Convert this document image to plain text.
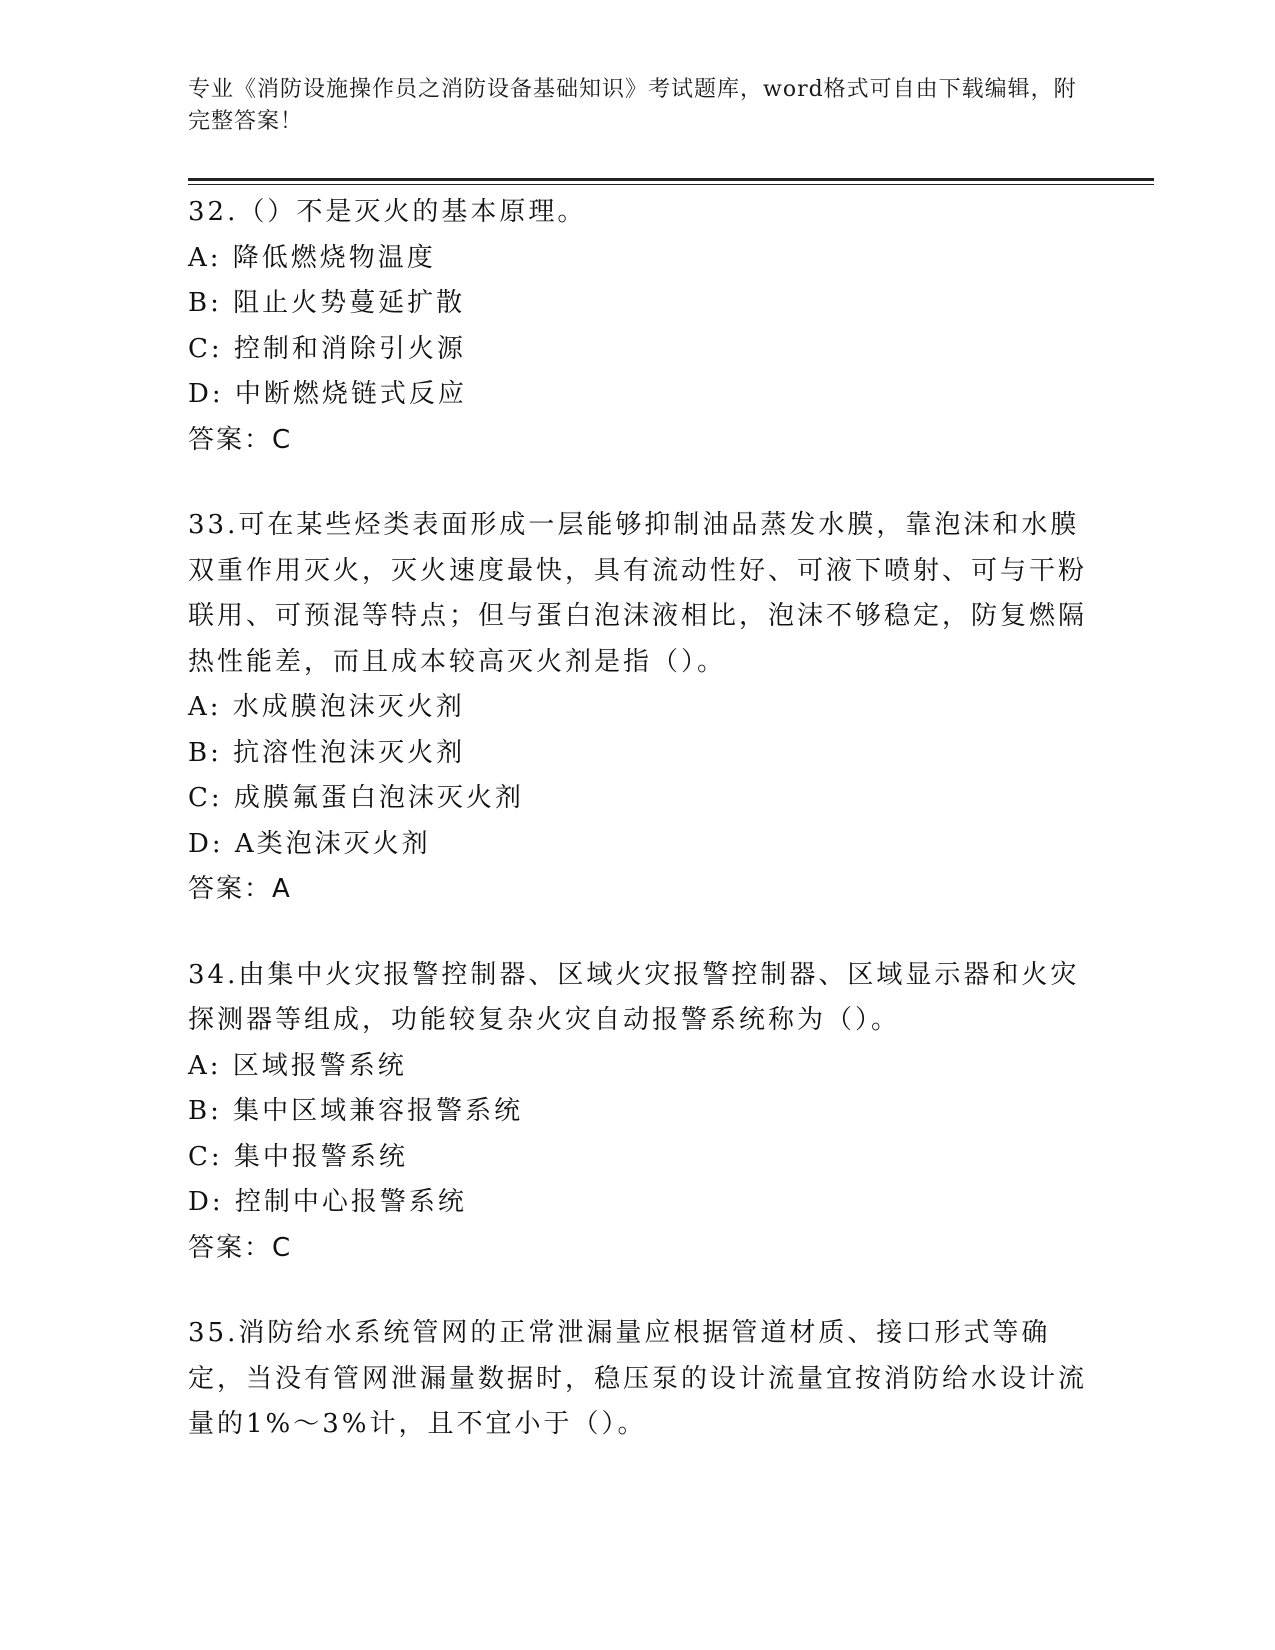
专业《消防设施操作员之消防设备基础知识》考试题库，word格式可自由下载编辑，附完整答案！
32.（）不是灭火的基本原理。
A: 降低燃烧物温度
B: 阻止火势蔓延扩散
C: 控制和消除引火源
D: 中断燃烧链式反应
答案：C
33.可在某些烃类表面形成一层能够抑制油品蒸发水膜，靠泡沫和水膜双重作用灭火，灭火速度最快，具有流动性好、可液下喷射、可与干粉联用、可预混等特点；但与蛋白泡沫液相比，泡沫不够稳定，防复燃隔热性能差，而且成本较高灭火剂是指（）。
A: 水成膜泡沫灭火剂
B: 抗溶性泡沫灭火剂
C: 成膜氟蛋白泡沫灭火剂
D: A类泡沫灭火剂
答案：A
34.由集中火灾报警控制器、区域火灾报警控制器、区域显示器和火灾探测器等组成，功能较复杂火灾自动报警系统称为（）。
A: 区域报警系统
B: 集中区域兼容报警系统
C: 集中报警系统
D: 控制中心报警系统
答案：C
35.消防给水系统管网的正常泄漏量应根据管道材质、接口形式等确定，当没有管网泄漏量数据时，稳压泵的设计流量宜按消防给水设计流量的1%～3%计，且不宜小于（）。
